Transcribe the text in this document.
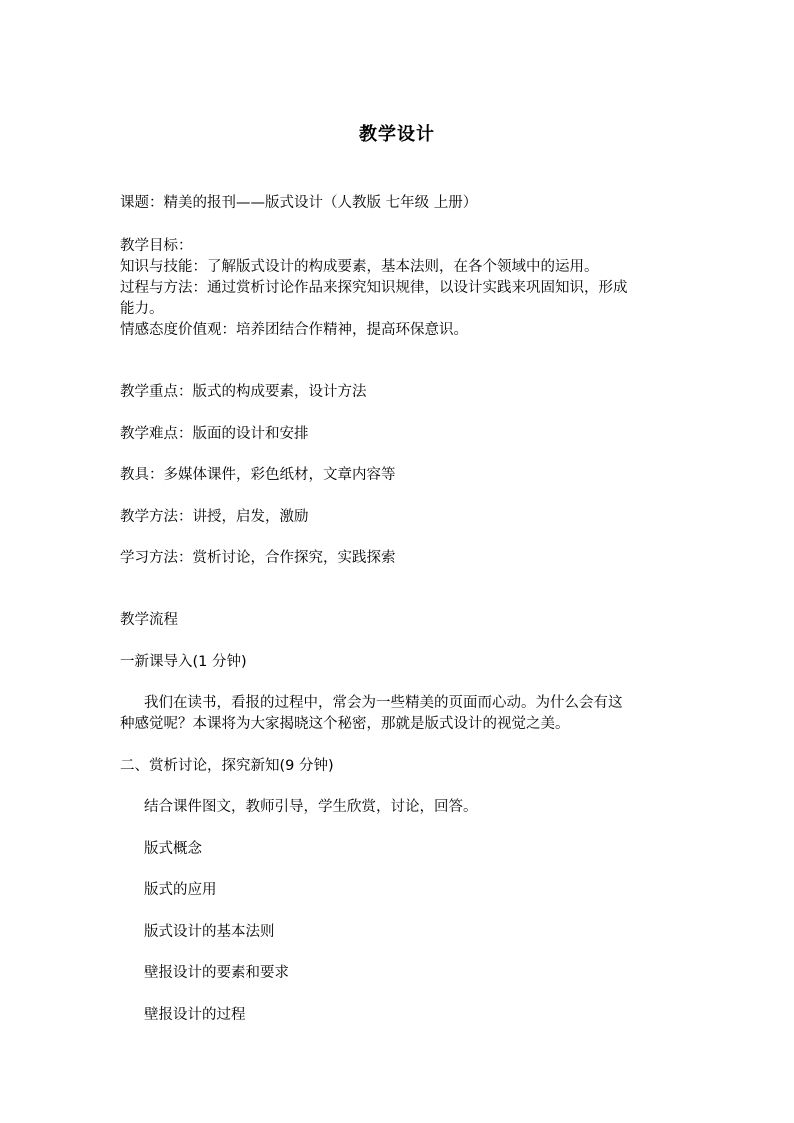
教学设计
课题：精美的报刊——版式设计（人教版 七年级 上册）
教学目标：
知识与技能：了解版式设计的构成要素，基本法则，在各个领域中的运用。
过程与方法：通过赏析讨论作品来探究知识规律，以设计实践来巩固知识，形成
能力。
情感态度价值观：培养团结合作精神，提高环保意识。
教学重点：版式的构成要素，设计方法
教学难点：版面的设计和安排
教具：多媒体课件，彩色纸材，文章内容等
教学方法：讲授，启发，激励
学习方法：赏析讨论，合作探究，实践探索
教学流程
一新课导入(1 分钟)
我们在读书，看报的过程中，常会为一些精美的页面而心动。为什么会有这
种感觉呢？本课将为大家揭晓这个秘密，那就是版式设计的视觉之美。
二、赏析讨论，探究新知(9 分钟)
结合课件图文，教师引导，学生欣赏，讨论，回答。
版式概念
版式的应用
版式设计的基本法则
壁报设计的要素和要求
壁报设计的过程
